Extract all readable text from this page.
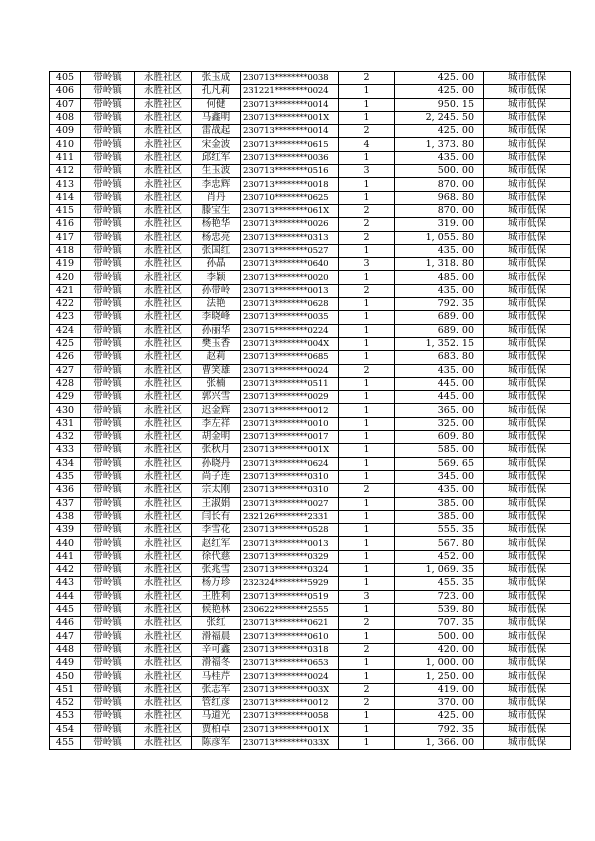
405	带岭镇	永胜社区	张玉成	230713********0038	2	425. 00	城市低保
406	带岭镇	永胜社区	孔凡莉	231221********0024	1	425. 00	城市低保
407	带岭镇	永胜社区	何健	230713********0014	1	950. 15	城市低保
408	带岭镇	永胜社区	马鑫明	230713********001X	1	2, 245. 50	城市低保
409	带岭镇	永胜社区	雷战起	230713********0014	2	425. 00	城市低保
410	带岭镇	永胜社区	宋金波	230713********0615	4	1, 373. 80	城市低保
411	带岭镇	永胜社区	邱红军	230713********0036	1	435. 00	城市低保
412	带岭镇	永胜社区	生玉波	230713********0516	3	500. 00	城市低保
413	带岭镇	永胜社区	李忠辉	230713********0018	1	870. 00	城市低保
414	带岭镇	永胜社区	肖丹	230710********0625	1	968. 80	城市低保
415	带岭镇	永胜社区	滕宝生	230713********061X	2	870. 00	城市低保
416	带岭镇	永胜社区	杨艳华	230713********0026	2	319. 00	城市低保
417	带岭镇	永胜社区	杨忠亮	230713********0313	2	1, 055. 80	城市低保
418	带岭镇	永胜社区	张国红	230713********0527	1	435. 00	城市低保
419	带岭镇	永胜社区	孙晶	230713********0640	3	1, 318. 80	城市低保
420	带岭镇	永胜社区	李颖	230713********0020	1	485. 00	城市低保
421	带岭镇	永胜社区	孙带岭	230713********0013	2	435. 00	城市低保
422	带岭镇	永胜社区	法艳	230713********0628	1	792. 35	城市低保
423	带岭镇	永胜社区	李晓峰	230713********0035	1	689. 00	城市低保
424	带岭镇	永胜社区	孙丽华	230715********0224	1	689. 00	城市低保
425	带岭镇	永胜社区	樊玉香	230713********004X	1	1, 352. 15	城市低保
426	带岭镇	永胜社区	赵莉	230713********0685	1	683. 80	城市低保
427	带岭镇	永胜社区	曹笑雄	230713********0024	2	435. 00	城市低保
428	带岭镇	永胜社区	张楠	230713********0511	1	445. 00	城市低保
429	带岭镇	永胜社区	郭兴雪	230713********0029	1	445. 00	城市低保
430	带岭镇	永胜社区	迟金辉	230713********0012	1	365. 00	城市低保
431	带岭镇	永胜社区	李左祥	230713********0010	1	325. 00	城市低保
432	带岭镇	永胜社区	胡金明	230713********0017	1	609. 80	城市低保
433	带岭镇	永胜社区	张秋月	230713********001X	1	585. 00	城市低保
434	带岭镇	永胜社区	孙晓丹	230713********0624	1	569. 65	城市低保
435	带岭镇	永胜社区	尚子连	230713********0310	1	345. 00	城市低保
436	带岭镇	永胜社区	宗太刚	230713********0310	2	435. 00	城市低保
437	带岭镇	永胜社区	王淑娟	230713********0027	1	385. 00	城市低保
438	带岭镇	永胜社区	闫长有	232126********2331	1	385. 00	城市低保
439	带岭镇	永胜社区	李雪花	230713********0528	1	555. 35	城市低保
440	带岭镇	永胜社区	赵红军	230713********0013	1	567. 80	城市低保
441	带岭镇	永胜社区	徐代慈	230713********0329	1	452. 00	城市低保
442	带岭镇	永胜社区	张兆雪	230713********0324	1	1, 069. 35	城市低保
443	带岭镇	永胜社区	杨万珍	232324********5929	1	455. 35	城市低保
444	带岭镇	永胜社区	王胜利	230713********0519	3	723. 00	城市低保
445	带岭镇	永胜社区	候艳林	230622********2555	1	539. 80	城市低保
446	带岭镇	永胜社区	张红	230713********0621	2	707. 35	城市低保
447	带岭镇	永胜社区	滑福晨	230713********0610	1	500. 00	城市低保
448	带岭镇	永胜社区	辛可鑫	230713********0318	2	420. 00	城市低保
449	带岭镇	永胜社区	滑福冬	230713********0653	1	1, 000. 00	城市低保
450	带岭镇	永胜社区	马桂芹	230713********0024	1	1, 250. 00	城市低保
451	带岭镇	永胜社区	张志军	230713********003X	2	419. 00	城市低保
452	带岭镇	永胜社区	管红彦	230713********0012	2	370. 00	城市低保
453	带岭镇	永胜社区	马道光	230713********0058	1	425. 00	城市低保
454	带岭镇	永胜社区	贾柏卓	230713********001X	1	792. 35	城市低保
455	带岭镇	永胜社区	陈彦军	230713********033X	1	1, 366. 00	城市低保
